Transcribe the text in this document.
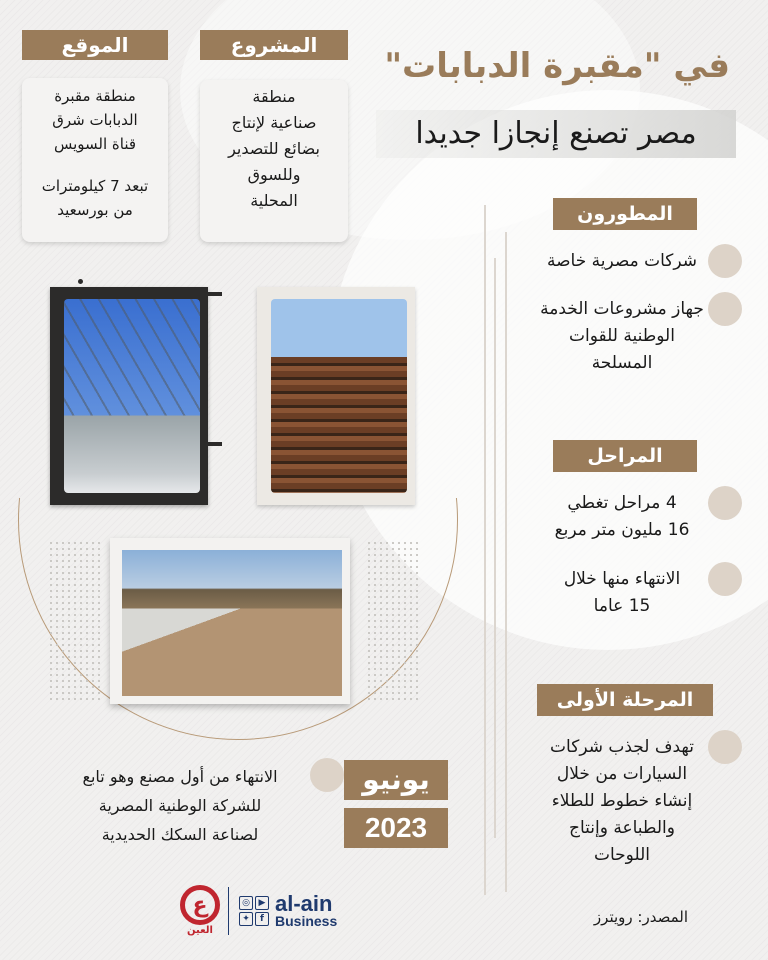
في "مقبرة الدبابات"
مصر تصنع إنجازا جديدا
المشروع
منطقة
صناعية لإنتاج
بضائع للتصدير
وللسوق
المحلية
الموقع
منطقة مقبرة
الدبابات شرق
قناة السويس
تبعد 7 كيلومترات
من بورسعيد	المطورون
شركات مصرية خاصة
جهاز مشروعات الخدمة
الوطنية للقوات
المسلحة
المراحل
4 مراحل تغطي
16 مليون متر مربع
الانتهاء منها خلال
15 عاما
المرحلة الأولى
تهدف لجذب شركات
السيارات من خلال
إنشاء خطوط للطلاء
والطباعة وإنتاج
اللوحات
يونيو
2023
الانتهاء من أول مصنع وهو تابع
للشركة الوطنية المصرية
لصناعة السكك الحديدية
المصدر: رويترز
ع
العين
◎ ▶
✦	f
al-ain
Business
